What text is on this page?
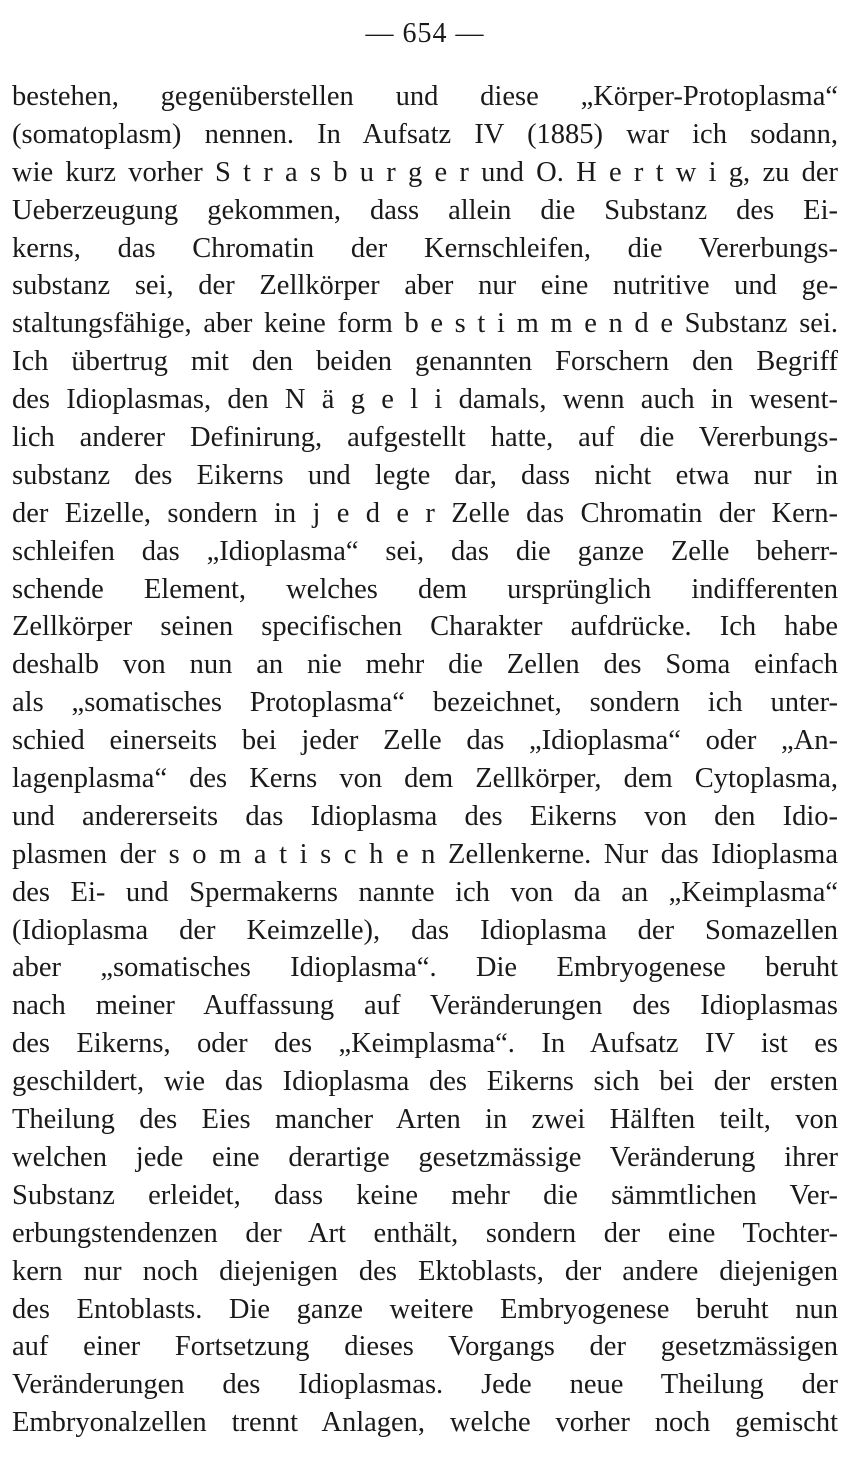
— 654 —
bestehen, gegenüberstellen und diese „Körper-Protoplasma“
(somatoplasm) nennen. In Aufsatz IV (1885) war ich sodann,
wie kurz vorher S t r a s b u r g e r und O. H e r t w i g, zu der
Ueberzeugung gekommen, dass allein die Substanz des Ei-
kerns, das Chromatin der Kernschleifen, die Vererbungs-
substanz sei, der Zellkörper aber nur eine nutritive und ge-
staltungsfähige, aber keine form b e s t i m m e n d e Substanz sei.
Ich übertrug mit den beiden genannten Forschern den Begriff
des Idioplasmas, den N ä g e l i damals, wenn auch in wesent-
lich anderer Definirung, aufgestellt hatte, auf die Vererbungs-
substanz des Eikerns und legte dar, dass nicht etwa nur in
der Eizelle, sondern in j e d e r Zelle das Chromatin der Kern-
schleifen das „Idioplasma“ sei, das die ganze Zelle beherr-
schende Element, welches dem ursprünglich indifferenten
Zellkörper seinen specifischen Charakter aufdrücke. Ich habe
deshalb von nun an nie mehr die Zellen des Soma einfach
als „somatisches Protoplasma“ bezeichnet, sondern ich unter-
schied einerseits bei jeder Zelle das „Idioplasma“ oder „An-
lagenplasma“ des Kerns von dem Zellkörper, dem Cytoplasma,
und andererseits das Idioplasma des Eikerns von den Idio-
plasmen der s o m a t i s c h e n Zellenkerne. Nur das Idioplasma
des Ei- und Spermakerns nannte ich von da an „Keimplasma“
(Idioplasma der Keimzelle), das Idioplasma der Somazellen
aber „somatisches Idioplasma“. Die Embryogenese beruht
nach meiner Auffassung auf Veränderungen des Idioplasmas
des Eikerns, oder des „Keimplasma“. In Aufsatz IV ist es
geschildert, wie das Idioplasma des Eikerns sich bei der ersten
Theilung des Eies mancher Arten in zwei Hälften teilt, von
welchen jede eine derartige gesetzmässige Veränderung ihrer
Substanz erleidet, dass keine mehr die sämmtlichen Ver-
erbungstendenzen der Art enthält, sondern der eine Tochter-
kern nur noch diejenigen des Ektoblasts, der andere diejenigen
des Entoblasts. Die ganze weitere Embryogenese beruht nun
auf einer Fortsetzung dieses Vorgangs der gesetzmässigen
Veränderungen des Idioplasmas. Jede neue Theilung der
Embryonalzellen trennt Anlagen, welche vorher noch gemischt
